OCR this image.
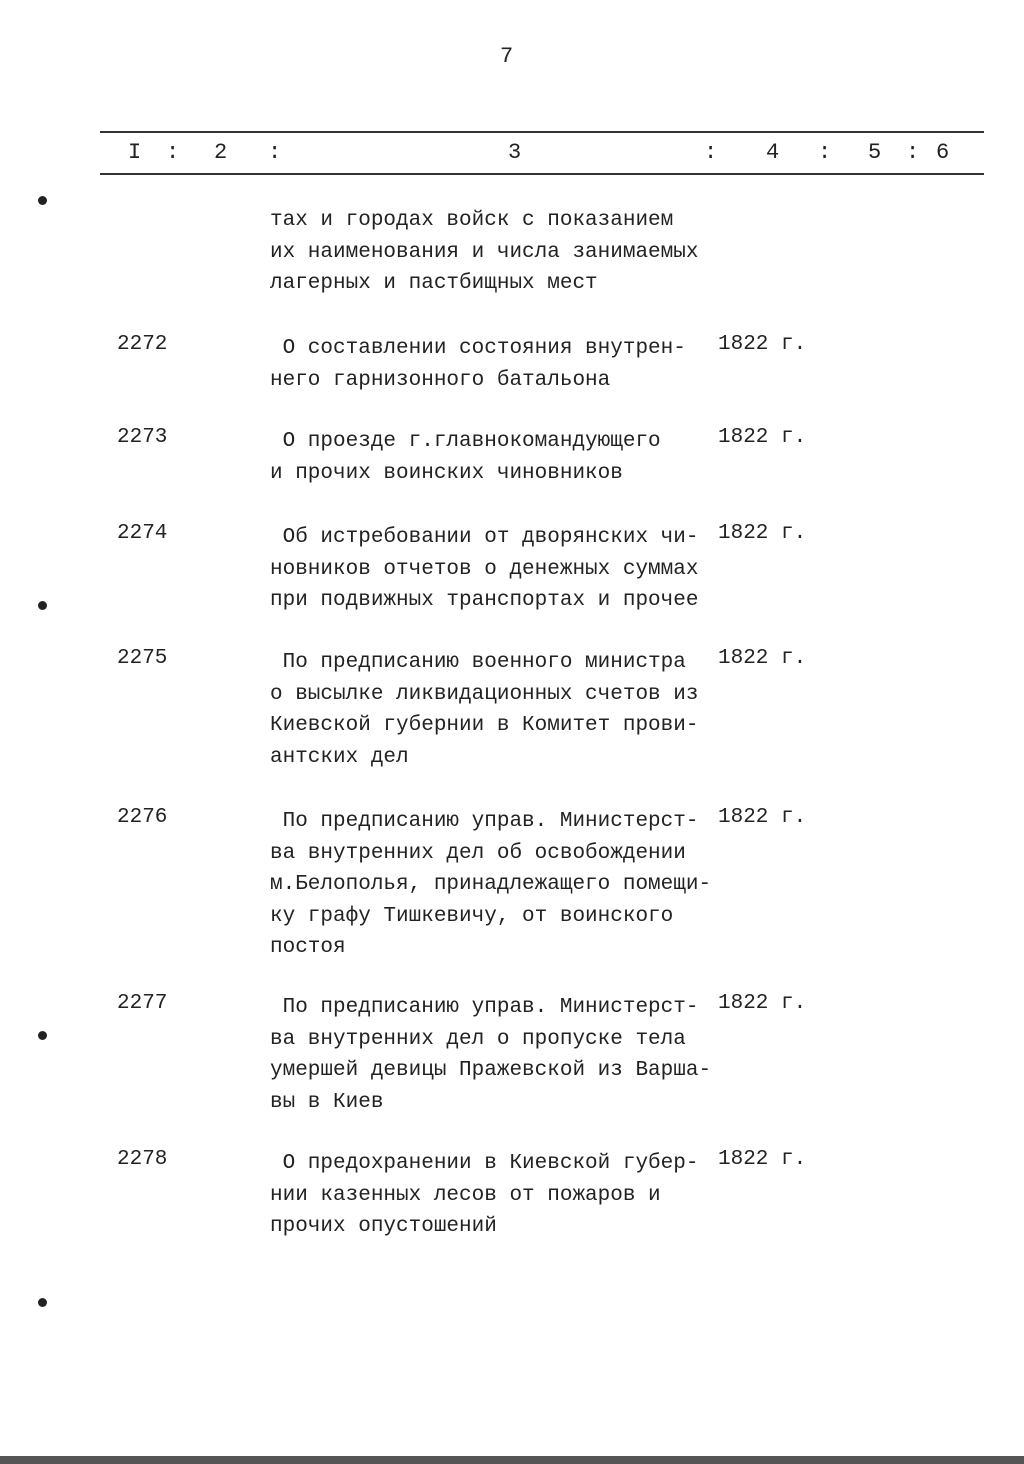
7
I : 2 :	3	: 4 : 5 : 6
тах и городах войск с показанием
их наименования и числа занимаемых
лагерных и пастбищных мест
2272	О составлении состояния внутрен-
него гарнизонного батальона
1822 г.
2273	О проезде г.главнокомандующего
и прочих воинских чиновников
1822 г.
2274	Об истребовании от дворянских чи-
новников отчетов о денежных суммах
при подвижных транспортах и прочее
1822 г.
2275	По предписанию военного министра
о высылке ликвидационных счетов из
Киевской губернии в Комитет прови-
антских дел
1822 г.
2276	По предписанию управ. Министерст-
ва внутренних дел об освобождении
м.Белополья, принадлежащего помещи-
ку графу Тишкевичу, от воинского
постоя
1822 г.
2277	По предписанию управ. Министерст-
ва внутренних дел о пропуске тела
умершей девицы Пражевской из Варша-
вы в Киев
1822 г.
2278	О предохранении в Киевской губер-
нии казенных лесов от пожаров и
прочих опустошений
1822 г.
